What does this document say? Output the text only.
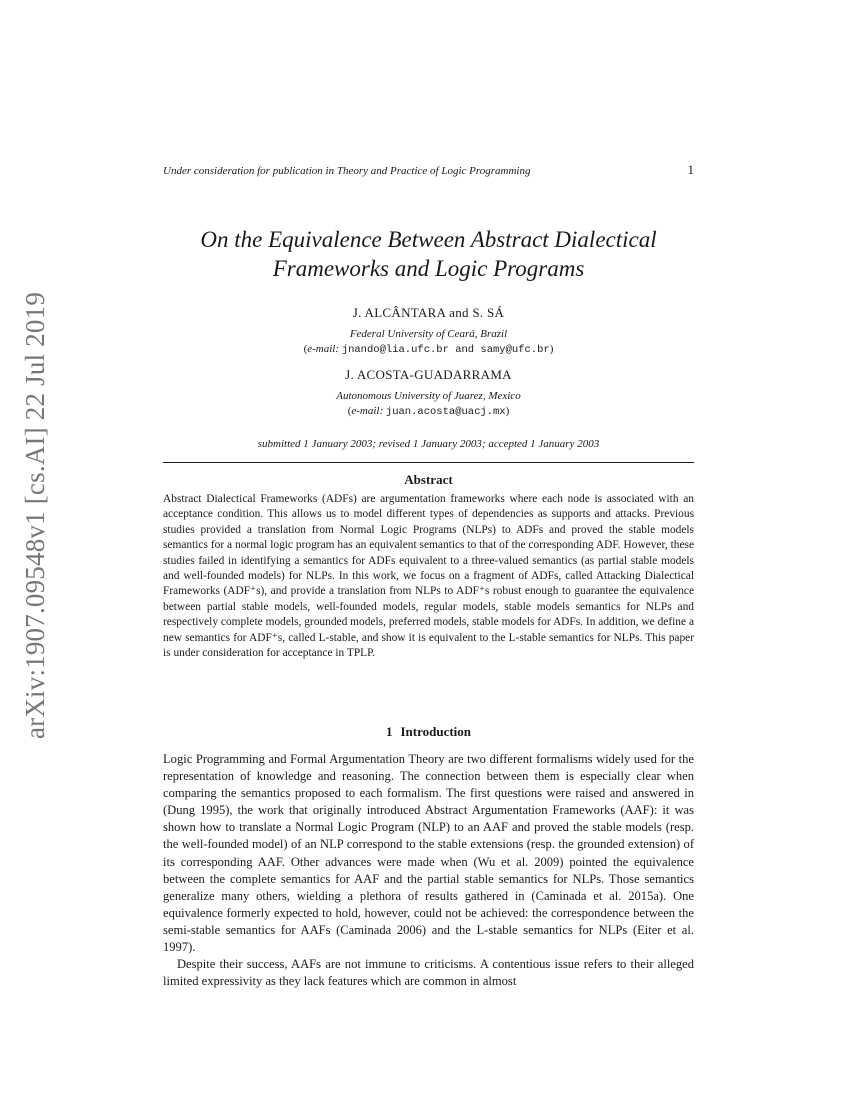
arXiv:1907.09548v1 [cs.AI] 22 Jul 2019
Under consideration for publication in Theory and Practice of Logic Programming	1
On the Equivalence Between Abstract Dialectical
Frameworks and Logic Programs
J. ALCÂNTARA and S. SÁ
Federal University of Ceará, Brazil
(e-mail: jnando@lia.ufc.br and samy@ufc.br)
J. ACOSTA-GUADARRAMA
Autonomous University of Juarez, Mexico
(e-mail: juan.acosta@uacj.mx)
submitted 1 January 2003; revised 1 January 2003; accepted 1 January 2003
Abstract

Abstract Dialectical Frameworks (ADFs) are argumentation frameworks where each node is associated with an acceptance condition. This allows us to model different types of dependencies as supports and attacks. Previous studies provided a translation from Normal Logic Programs (NLPs) to ADFs and proved the stable models semantics for a normal logic program has an equivalent semantics to that of the corresponding ADF. However, these studies failed in identifying a semantics for ADFs equivalent to a three-valued semantics (as partial stable models and well-founded models) for NLPs. In this work, we focus on a fragment of ADFs, called Attacking Dialectical Frameworks (ADF⁺s), and provide a translation from NLPs to ADF⁺s robust enough to guarantee the equivalence between partial stable models, well-founded models, regular models, stable models semantics for NLPs and respectively complete models, grounded models, preferred models, stable models for ADFs. In addition, we define a new semantics for ADF⁺s, called L-stable, and show it is equivalent to the L-stable semantics for NLPs. This paper is under consideration for acceptance in TPLP.

1 Introduction

Logic Programming and Formal Argumentation Theory are two different formalisms widely used for the representation of knowledge and reasoning. The connection between them is especially clear when comparing the semantics proposed to each formalism. The first questions were raised and answered in (Dung 1995), the work that originally introduced Abstract Argumentation Frameworks (AAF): it was shown how to translate a Normal Logic Program (NLP) to an AAF and proved the stable models (resp. the well-founded model) of an NLP correspond to the stable extensions (resp. the grounded extension) of its corresponding AAF. Other advances were made when (Wu et al. 2009) pointed the equivalence between the complete semantics for AAF and the partial stable semantics for NLPs. Those semantics generalize many others, wielding a plethora of results gathered in (Caminada et al. 2015a). One equivalence formerly expected to hold, however, could not be achieved: the correspondence between the semi-stable semantics for AAFs (Caminada 2006) and the L-stable semantics for NLPs (Eiter et al. 1997).

Despite their success, AAFs are not immune to criticisms. A contentious issue refers to their alleged limited expressivity as they lack features which are common in almost
